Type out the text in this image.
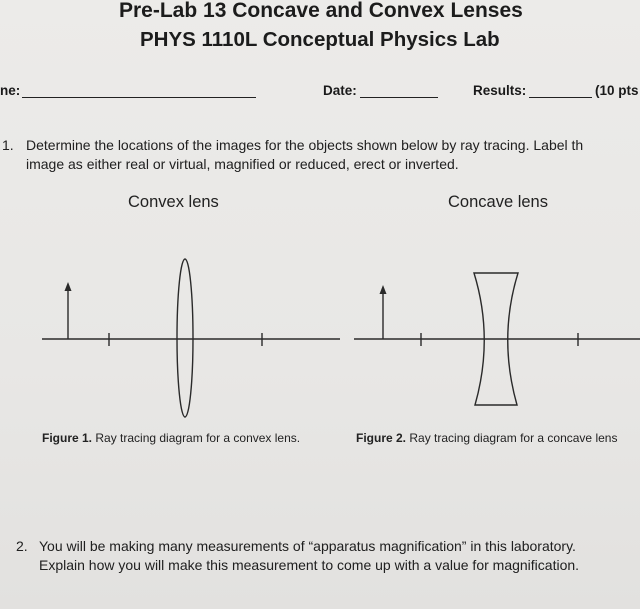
Pre-Lab 13 Concave and Convex Lenses
PHYS 1110L Conceptual Physics Lab
ne:	Date:	Results:	(10 pts
1. Determine the locations of the images for the objects shown below by ray tracing. Label th
image as either real or virtual, magnified or reduced, erect or inverted.
Convex lens	Concave lens
Figure 1. Ray tracing diagram for a convex lens.	Figure 2. Ray tracing diagram for a concave lens
2. You will be making many measurements of “apparatus magnification” in this laboratory.
Explain how you will make this measurement to come up with a value for magnification.
